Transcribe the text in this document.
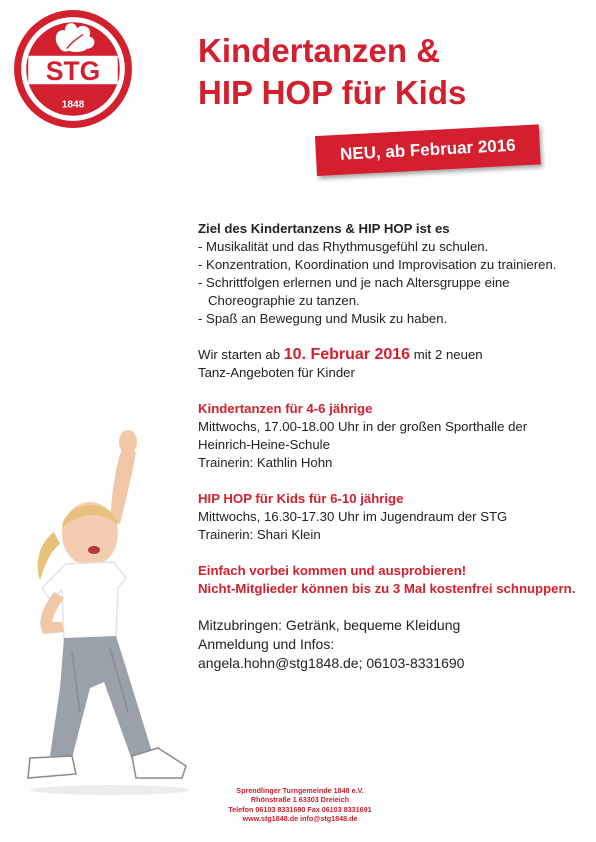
STG
1848
Kindertanzen &
HIP HOP für Kids
NEU, ab Februar 2016

Ziel des Kindertanzens & HIP HOP ist es

- Musikalität und das Rhythmusgefühl zu schulen.
- Konzentration, Koordination und Improvisation zu trainieren.
- Schrittfolgen erlernen und je nach Altersgruppe eine Choreographie zu tanzen.
- Spaß an Bewegung und Musik zu haben.

Wir starten ab 10. Februar 2016 mit 2 neuen

Tanz-Angeboten für Kinder

Kindertanzen für 4-6 jährige

Mittwochs, 17.00-18.00 Uhr in der großen Sporthalle der Heinrich-Heine-Schule

Trainerin: Kathlin Hohn

HIP HOP für Kids für 6-10 jährige

Mittwochs, 16.30-17.30 Uhr im Jugendraum der STG

Trainerin: Shari Klein

Einfach vorbei kommen und ausprobieren!

Nicht-Mitglieder können bis zu 3 Mal kostenfrei schnuppern.

Mitzubringen: Getränk, bequeme Kleidung

Anmeldung und Infos:

angela.hohn@stg1848.de; 06103-8331690

Sprendlinger Turngemeinde 1848 e.V.
Rhönstraße 1 63303 Dreieich
Telefon 06103 8331690 Fax 06103 8331691
www.stg1848.de info@stg1848.de
